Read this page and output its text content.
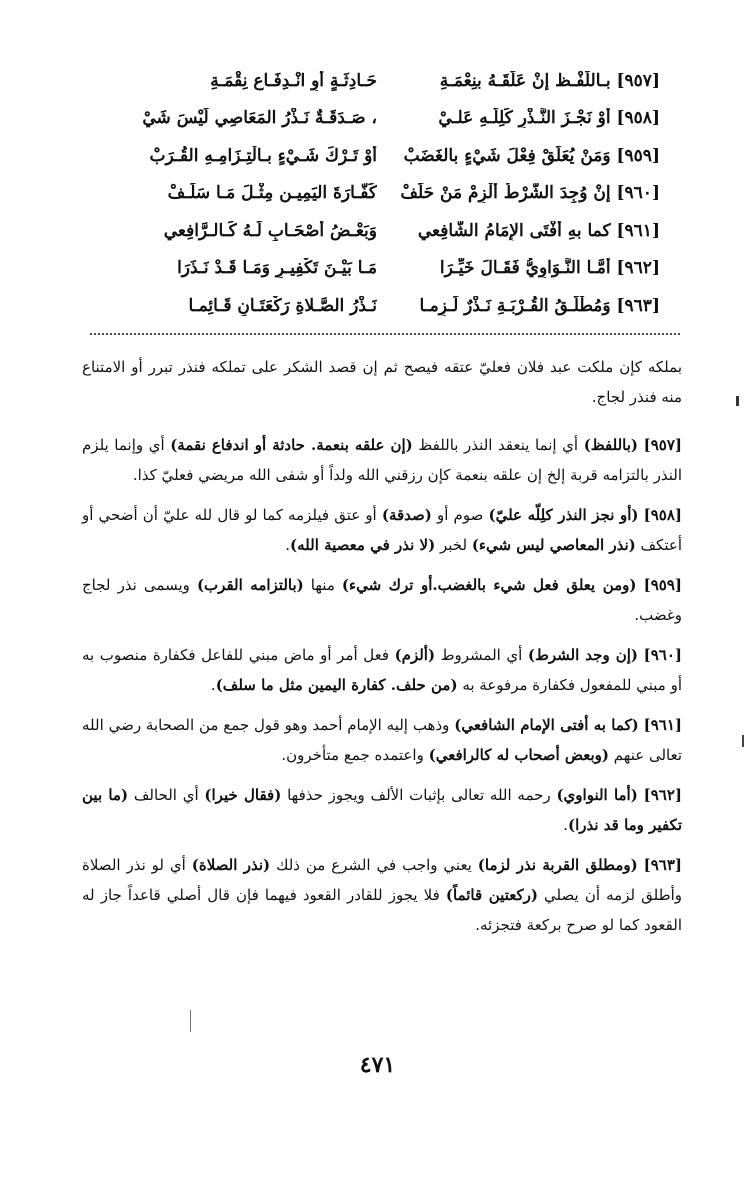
[٩٥٧] بـاللَّفْـظ إنْ عَلَّقَـهُ بنِعْمَـةِ
حَـادِثَـةٍ أوِ انْـدِفَـاعِ نِقْمَـةِ
[٩٥٨] أوْ نَجْـزَ النَّـذْرِ كَلِلَّـهِ عَلـيْ
، صَـدَقَـةٌ نَـذْرُ المَعَاصِي لَيْسَ شَيْ
[٩٥٩] وَمَنْ يُعَلِّقْ فِعْلَ شَيْءٍ بالغَضَبْ
أوْ تَـرْكَ شَـيْءٍ بـالْتِـزَامِـهِ القُـرَبْ
[٩٦٠] إنْ وُجِدَ الشَّرْطُ أَلْزِمْ مَنْ حَلَفْ
كَفَّـارَةَ اليَمِيـنِ مِثْـلَ مَـا سَلَـفْ
[٩٦١] كما بهِ أَفْتَى الإِمَامُ الشَّافِعي
وَبَعْـضُ أَصْحَـابٍ لَـهُ كَـالـرَّافِعي
[٩٦٢] أَمَّـا النَّـوَاوِيُّ فَقَـالَ خَيِّـرَا
مَـا بَيْـنَ تَكْفِيـرٍ وَمَـا قَـدْ نَـذَرَا
[٩٦٣] وَمُطْلَـقُ القُـرْبَـةِ نَـذْرٌ لَـزِمـا
نَـذْرُ الصَّـلاةِ رَكْعَتَـانِ قَـائِمـا

بملكه كإن ملكت عبد فلان فعليّ عتقه فيصح ثم إن قصد الشكر على تملكه فنذر تبرر أو الامتناع منه فنذر لجاج.

[٩٥٧] (باللفظ) أي إنما ينعقد النذر باللفظ (إن علقه بنعمة. حادثة أو اندفاع نقمة) أي وإنما يلزم النذر بالتزامه قربة إلخ إن علقه بنعمة كإن رزقني الله ولداً أو شفى الله مريضي فعليّ كذا.

[٩٥٨] (أو نجز النذر كلِلّه عليّ) صوم أو (صدقة) أو عتق فيلزمه كما لو قال لله عليّ أن أضحي أو أعتكف (نذر المعاصي ليس شيء) لخبر (لا نذر في معصية الله).

[٩٥٩] (ومن يعلق فعل شيء بالغضب.أو ترك شيء) منها (بالتزامه القرب) ويسمى نذر لجاج وغضب.

[٩٦٠] (إن وجد الشرط) أي المشروط (ألزم) فعل أمر أو ماض مبني للفاعل فكفارة منصوب به أو مبني للمفعول فكفارة مرفوعة به (من حلف. كفارة اليمين مثل ما سلف).

[٩٦١] (كما به أفتى الإمام الشافعي) وذهب إليه الإمام أحمد وهو قول جمع من الصحابة رضي الله تعالى عنهم (وبعض أصحاب له كالرافعي) واعتمده جمع متأخرون.

[٩٦٢] (أما النواوي) رحمه الله تعالى بإثبات الألف ويجوز حذفها (فقال خيرا) أي الحالف (ما بين تكفير وما قد نذرا).

[٩٦٣] (ومطلق القربة نذر لزما) يعني واجب في الشرع من ذلك (نذر الصلاة) أي لو نذر الصلاة وأطلق لزمه أن يصلي (ركعتين قائماً) فلا يجوز للقادر القعود فيهما فإن قال أصلي قاعداً جاز له القعود كما لو صرح بركعة فتجزئه.

٤٧١
